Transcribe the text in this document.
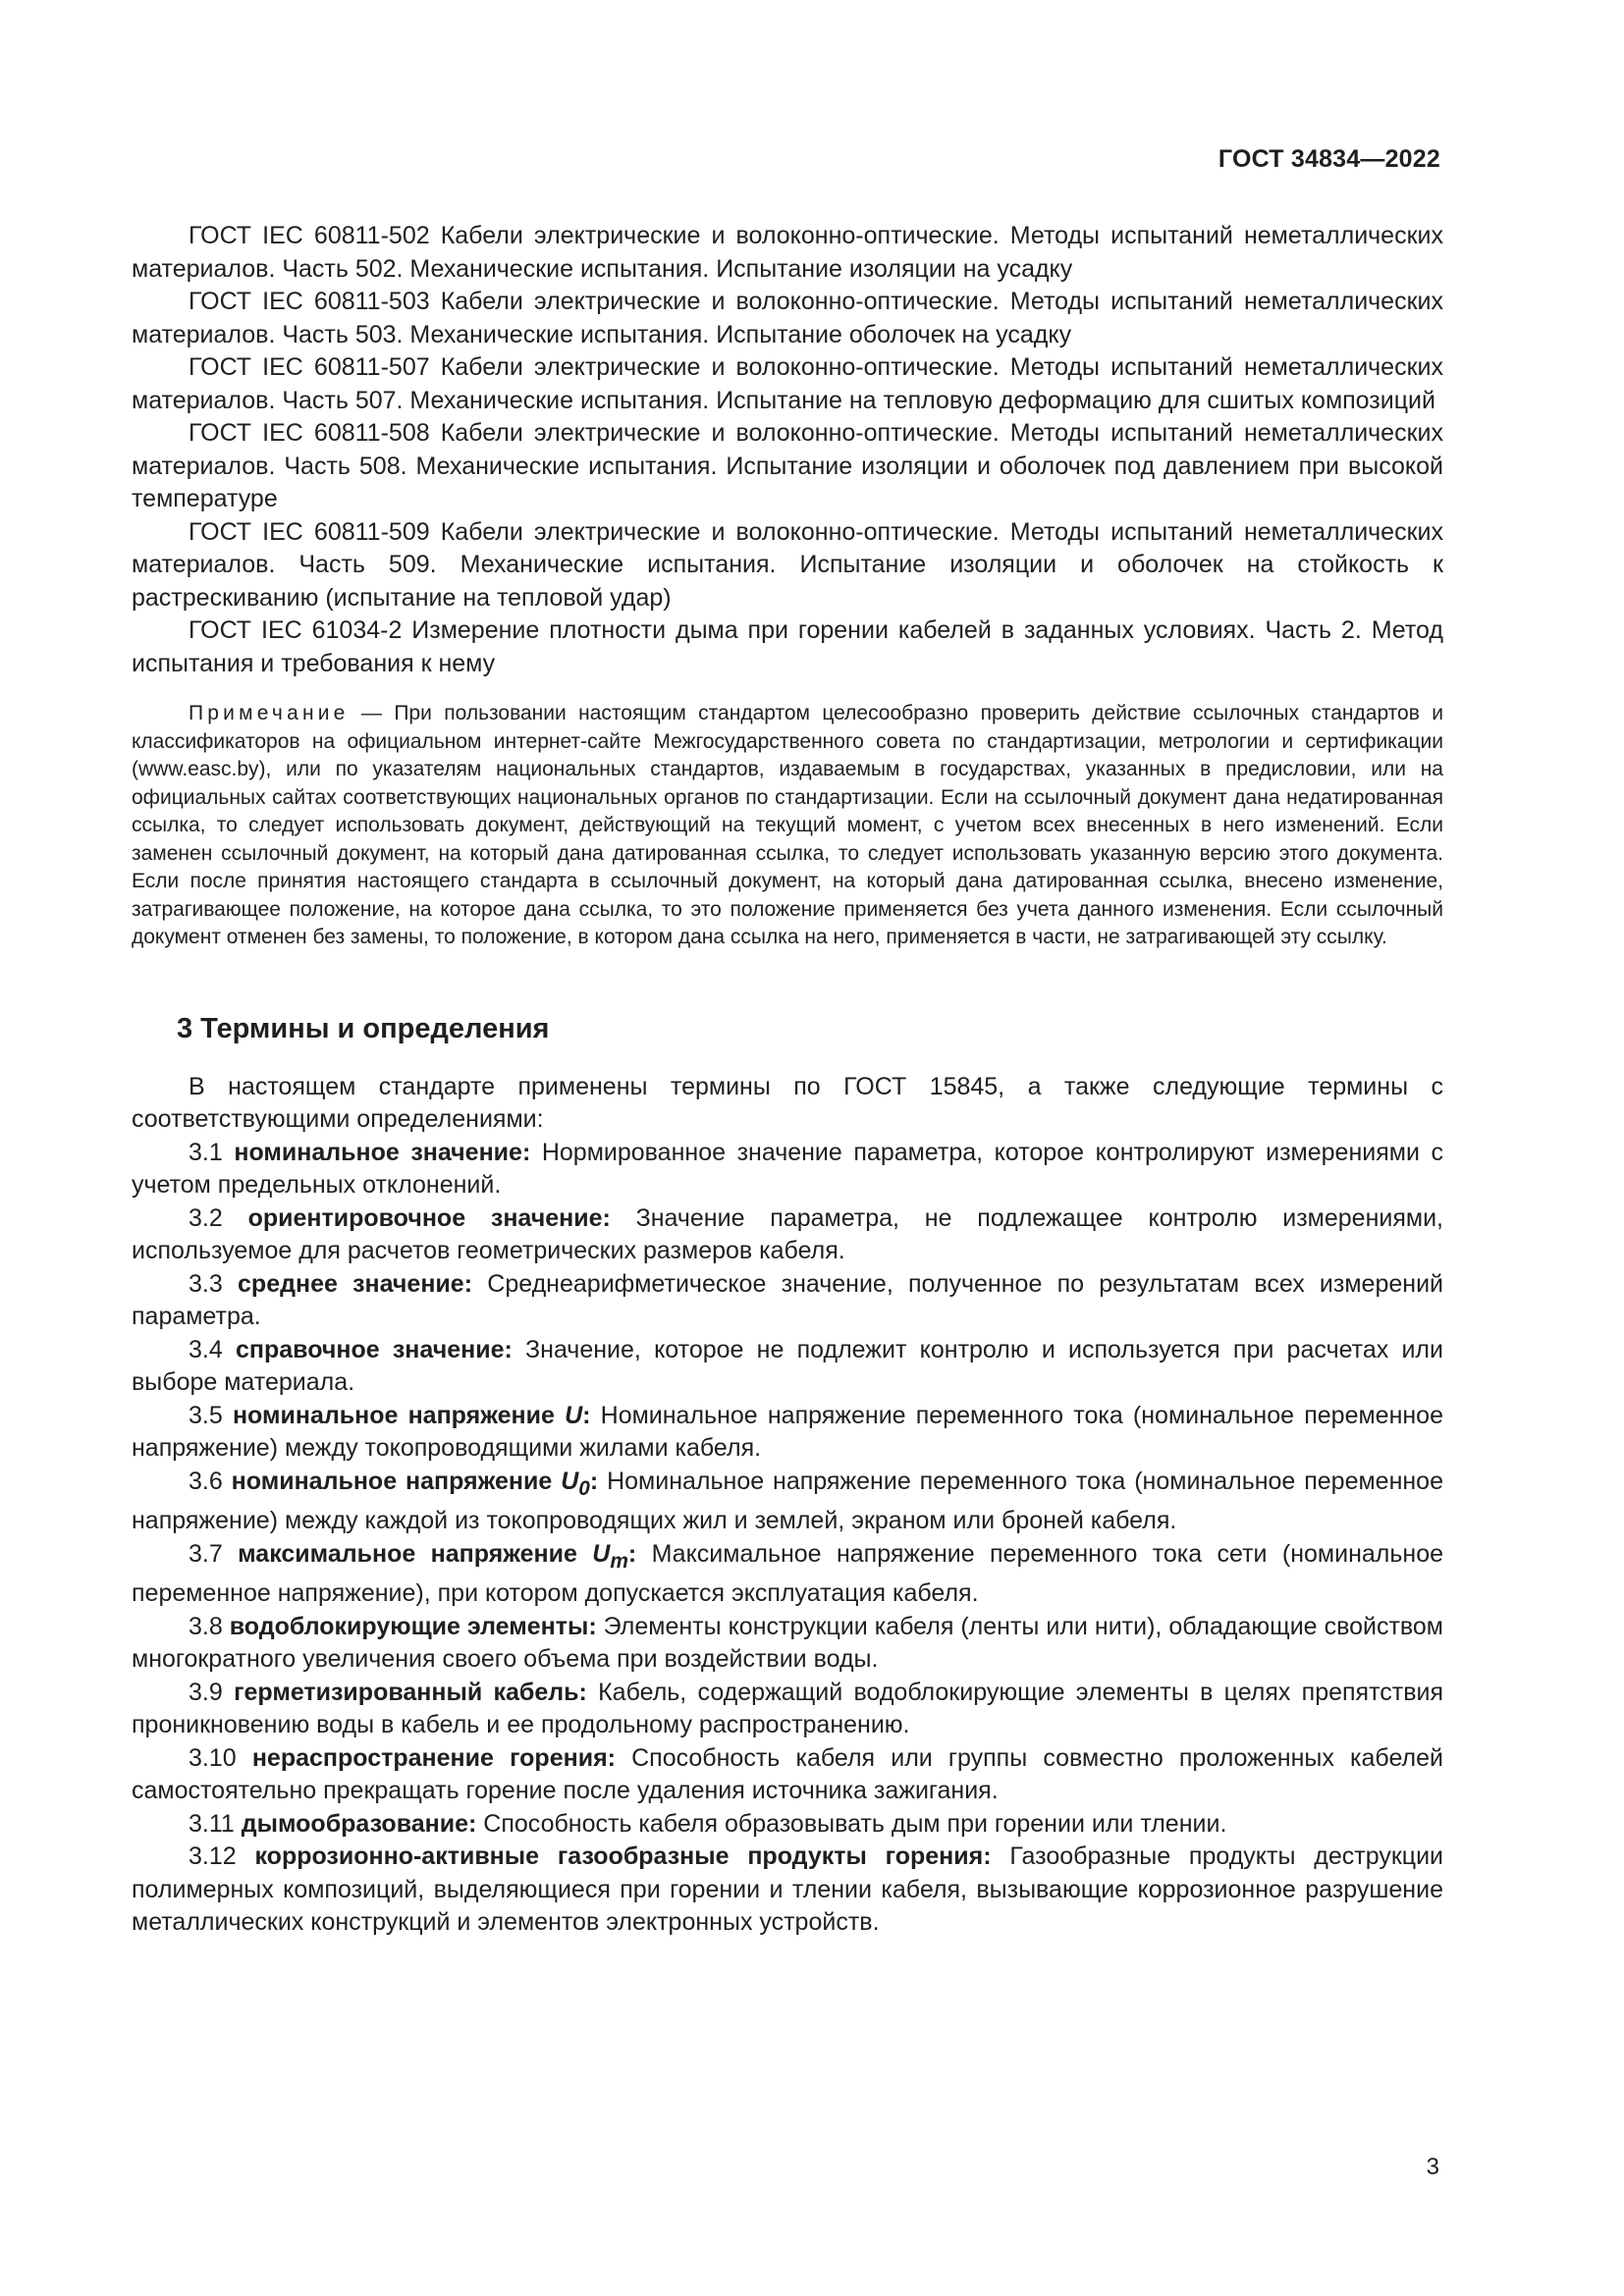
ГОСТ 34834—2022

ГОСТ IEC 60811-502 Кабели электрические и волоконно-оптические. Методы испытаний неметаллических материалов. Часть 502. Механические испытания. Испытание изоляции на усадку

ГОСТ IEC 60811-503 Кабели электрические и волоконно-оптические. Методы испытаний неметаллических материалов. Часть 503. Механические испытания. Испытание оболочек на усадку

ГОСТ IEC 60811-507 Кабели электрические и волоконно-оптические. Методы испытаний неметаллических материалов. Часть 507. Механические испытания. Испытание на тепловую деформацию для сшитых композиций

ГОСТ IEC 60811-508 Кабели электрические и волоконно-оптические. Методы испытаний неметаллических материалов. Часть 508. Механические испытания. Испытание изоляции и оболочек под давлением при высокой температуре

ГОСТ IEC 60811-509 Кабели электрические и волоконно-оптические. Методы испытаний неметаллических материалов. Часть 509. Механические испытания. Испытание изоляции и оболочек на стойкость к растрескиванию (испытание на тепловой удар)

ГОСТ IEC 61034-2 Измерение плотности дыма при горении кабелей в заданных условиях. Часть 2. Метод испытания и требования к нему

Примечание — При пользовании настоящим стандартом целесообразно проверить действие ссылочных стандартов и классификаторов на официальном интернет-сайте Межгосударственного совета по стандартизации, метрологии и сертификации (www.easc.by), или по указателям национальных стандартов, издаваемым в государствах, указанных в предисловии, или на официальных сайтах соответствующих национальных органов по стандартизации. Если на ссылочный документ дана недатированная ссылка, то следует использовать документ, действующий на текущий момент, с учетом всех внесенных в него изменений. Если заменен ссылочный документ, на который дана датированная ссылка, то следует использовать указанную версию этого документа. Если после принятия настоящего стандарта в ссылочный документ, на который дана датированная ссылка, внесено изменение, затрагивающее положение, на которое дана ссылка, то это положение применяется без учета данного изменения. Если ссылочный документ отменен без замены, то положение, в котором дана ссылка на него, применяется в части, не затрагивающей эту ссылку.

3 Термины и определения

В настоящем стандарте применены термины по ГОСТ 15845, а также следующие термины с соответствующими определениями:

3.1 номинальное значение: Нормированное значение параметра, которое контролируют измерениями с учетом предельных отклонений.

3.2 ориентировочное значение: Значение параметра, не подлежащее контролю измерениями, используемое для расчетов геометрических размеров кабеля.

3.3 среднее значение: Среднеарифметическое значение, полученное по результатам всех измерений параметра.

3.4 справочное значение: Значение, которое не подлежит контролю и используется при расчетах или выборе материала.

3.5 номинальное напряжение U: Номинальное напряжение переменного тока (номинальное переменное напряжение) между токопроводящими жилами кабеля.

3.6 номинальное напряжение $U_0$: Номинальное напряжение переменного тока (номинальное переменное напряжение) между каждой из токопроводящих жил и землей, экраном или броней кабеля.

3.7 максимальное напряжение $U_m$: Максимальное напряжение переменного тока сети (номинальное переменное напряжение), при котором допускается эксплуатация кабеля.

3.8 водоблокирующие элементы: Элементы конструкции кабеля (ленты или нити), обладающие свойством многократного увеличения своего объема при воздействии воды.

3.9 герметизированный кабель: Кабель, содержащий водоблокирующие элементы в целях препятствия проникновению воды в кабель и ее продольному распространению.

3.10 нераспространение горения: Способность кабеля или группы совместно проложенных кабелей самостоятельно прекращать горение после удаления источника зажигания.

3.11 дымообразование: Способность кабеля образовывать дым при горении или тлении.

3.12 коррозионно-активные газообразные продукты горения: Газообразные продукты деструкции полимерных композиций, выделяющиеся при горении и тлении кабеля, вызывающие коррозионное разрушение металлических конструкций и элементов электронных устройств.

3
